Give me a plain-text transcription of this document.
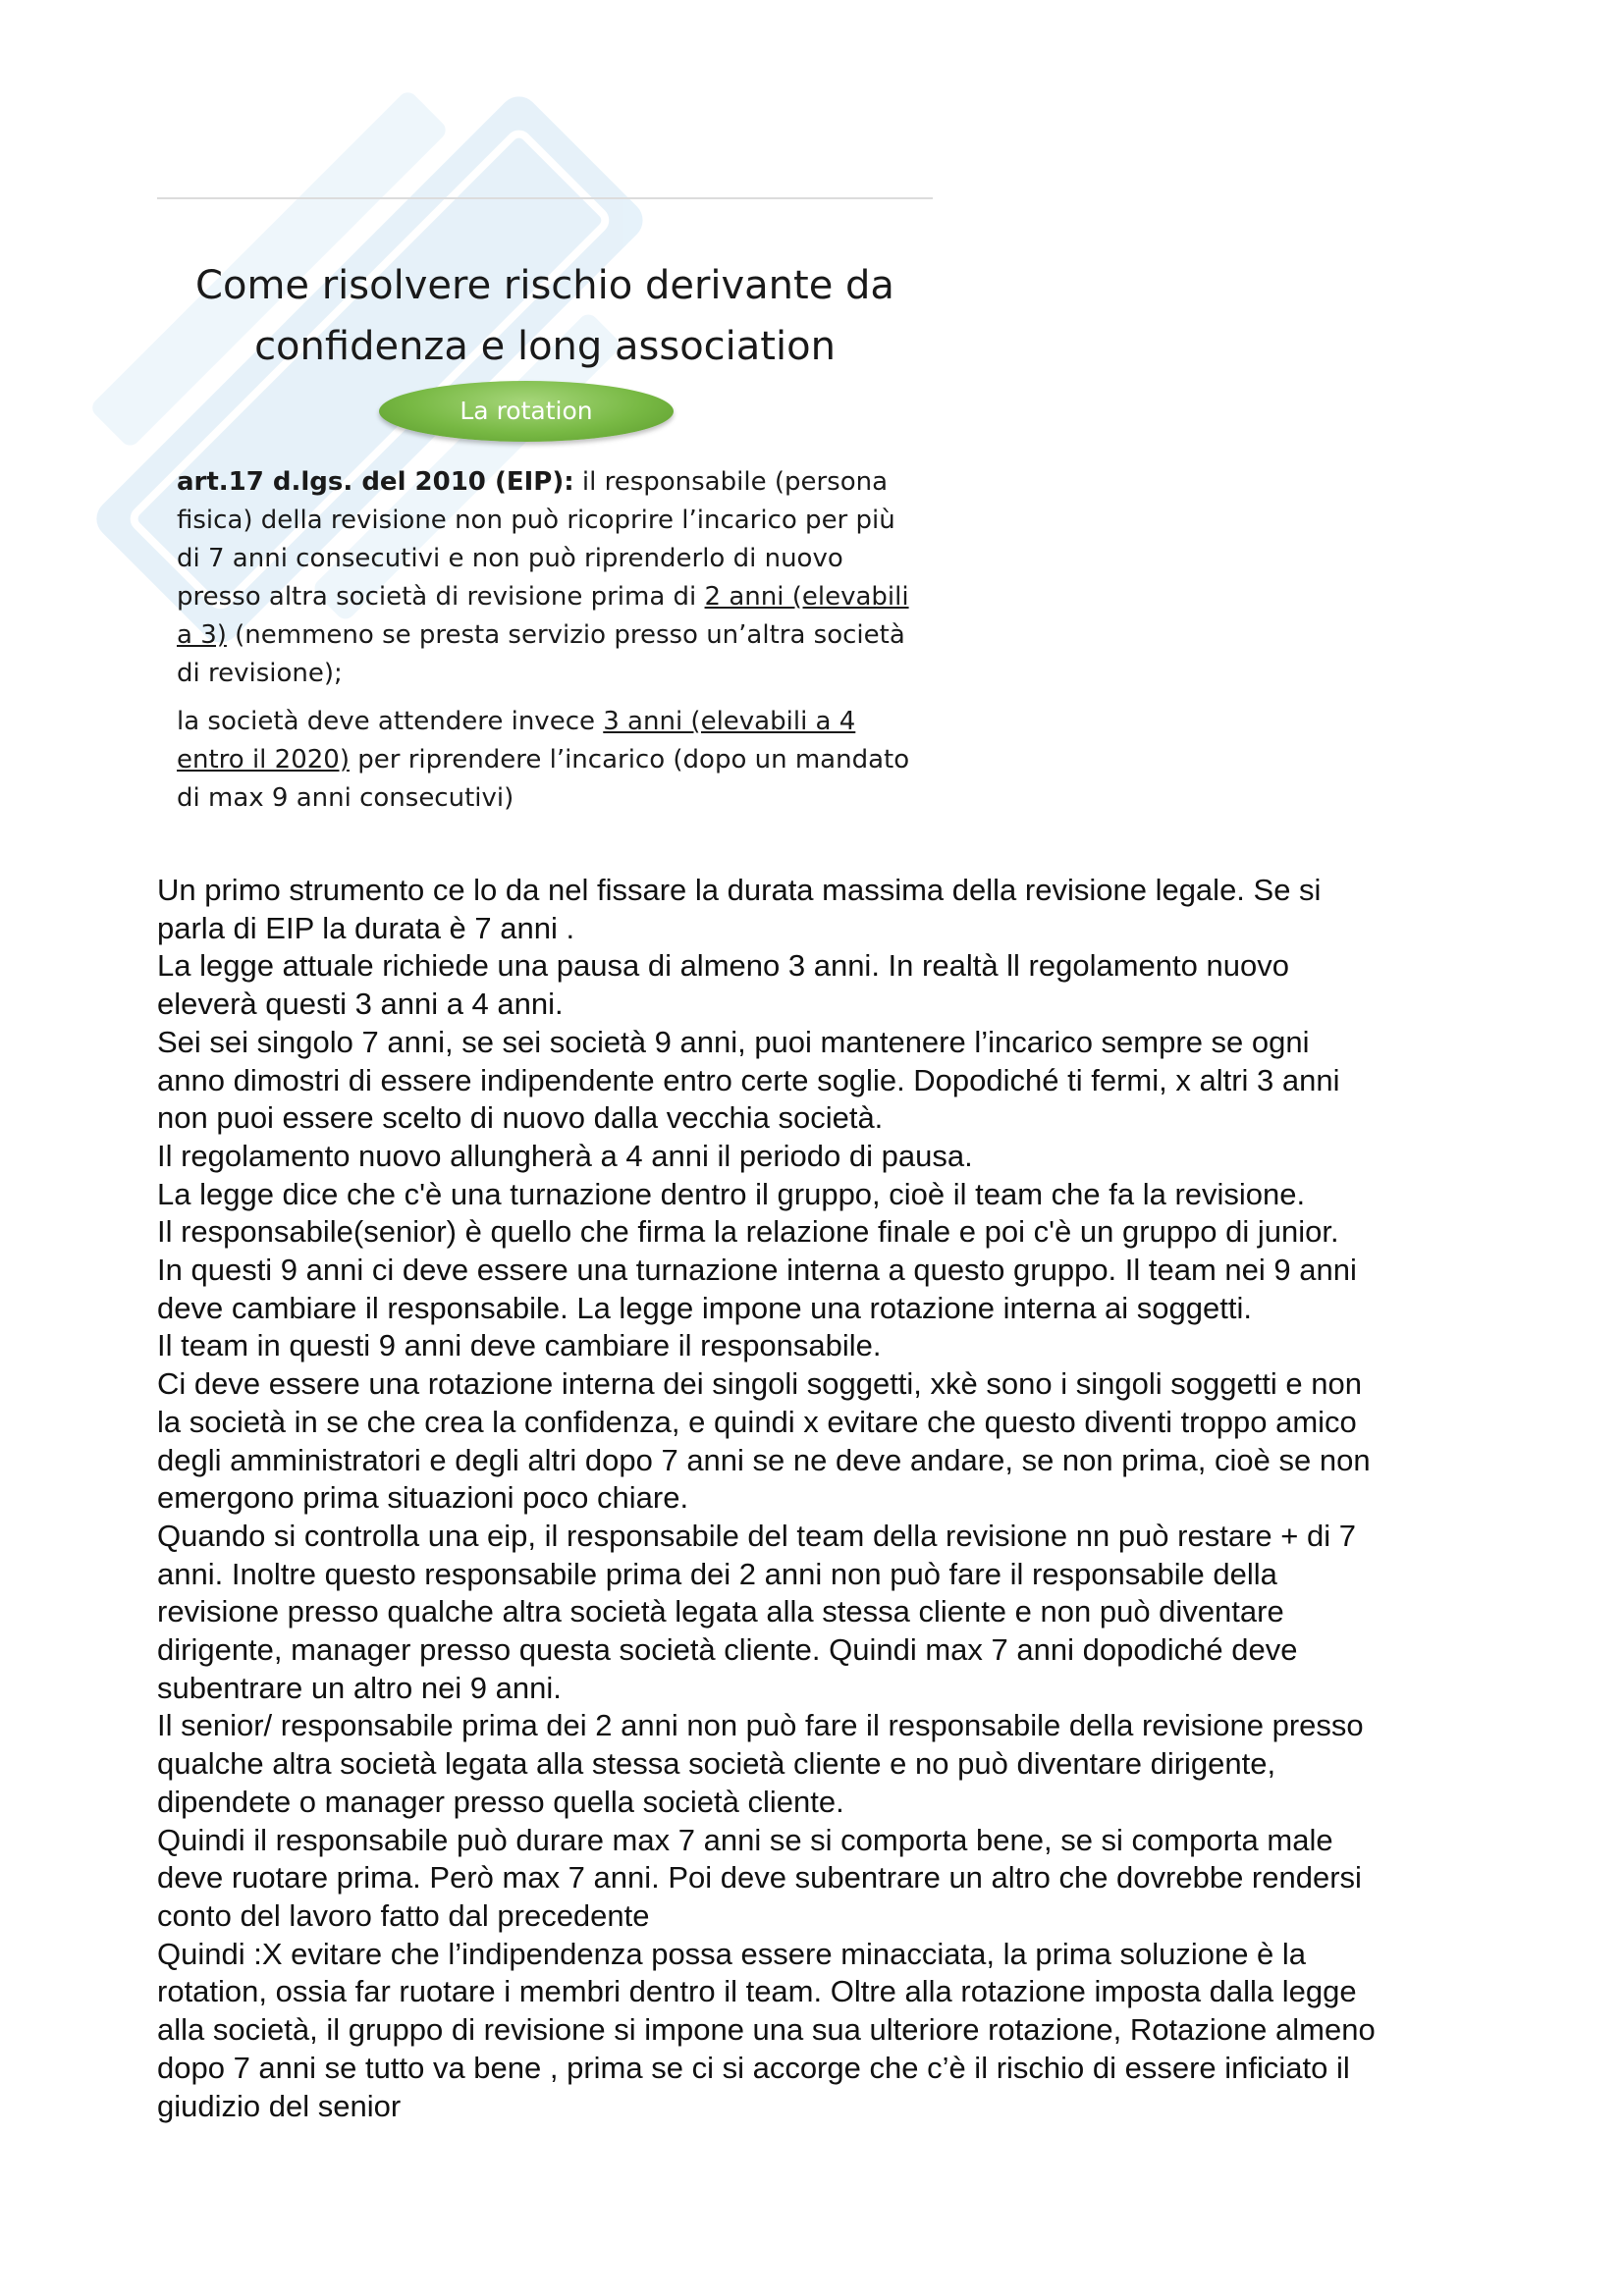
Come risolvere rischio derivante da
confidenza e long association
La rotation

art.17 d.lgs. del 2010 (EIP): il responsabile (persona fisica) della revisione non può ricoprire l’incarico per più di 7 anni consecutivi e non può riprenderlo di nuovo presso altra società di revisione prima di 2 anni (elevabili a 3) (nemmeno se presta servizio presso un’altra società di revisione);

la società deve attendere invece 3 anni (elevabili a 4 entro il 2020) per riprendere l’incarico (dopo un mandato di max 9 anni consecutivi)

Un primo strumento ce lo da nel fissare la durata massima della revisione legale. Se si
parla di EIP la durata è 7 anni .
La legge attuale richiede una pausa di almeno 3 anni. In realtà ll regolamento nuovo
eleverà questi 3 anni a 4 anni.
Sei sei singolo 7 anni, se sei società 9 anni, puoi mantenere l’incarico sempre se ogni
anno dimostri di essere indipendente entro certe soglie. Dopodiché ti fermi, x altri 3 anni
non puoi essere scelto di nuovo dalla vecchia società.
Il regolamento nuovo allungherà a 4 anni il periodo di pausa.
La legge dice che c'è una turnazione dentro il gruppo, cioè il team che fa la revisione.
Il responsabile(senior) è quello che firma la relazione finale e poi c'è un gruppo di junior.
In questi 9 anni ci deve essere una turnazione interna a questo gruppo. Il team nei 9 anni
deve cambiare il responsabile. La legge impone una rotazione interna ai soggetti.
Il team in questi 9 anni deve cambiare il responsabile.
Ci deve essere una rotazione interna dei singoli soggetti, xkè sono i singoli soggetti e non
la società in se che crea la confidenza, e quindi x evitare che questo diventi troppo amico
degli amministratori e degli altri dopo 7 anni se ne deve andare, se non prima, cioè se non
emergono prima situazioni poco chiare.
Quando si controlla una eip, il responsabile del team della revisione nn può restare + di 7
anni. Inoltre questo responsabile prima dei 2 anni non può fare il responsabile della
revisione presso qualche altra società legata alla stessa cliente e non può diventare
dirigente, manager presso questa società cliente. Quindi max 7 anni dopodiché deve
subentrare un altro nei 9 anni.
Il senior/ responsabile prima dei 2 anni non può fare il responsabile della revisione presso
qualche altra società legata alla stessa società cliente e no può diventare dirigente,
dipendete o manager presso quella società cliente.
Quindi il responsabile può durare max 7 anni se si comporta bene, se si comporta male
deve ruotare prima. Però max 7 anni. Poi deve subentrare un altro che dovrebbe rendersi
conto del lavoro fatto dal precedente
Quindi :X evitare che l’indipendenza possa essere minacciata, la prima soluzione è la
rotation, ossia far ruotare i membri dentro il team. Oltre alla rotazione imposta dalla legge
alla società, il gruppo di revisione si impone una sua ulteriore rotazione, Rotazione almeno
dopo 7 anni se tutto va bene , prima se ci si accorge che c’è il rischio di essere inficiato il
giudizio del senior
